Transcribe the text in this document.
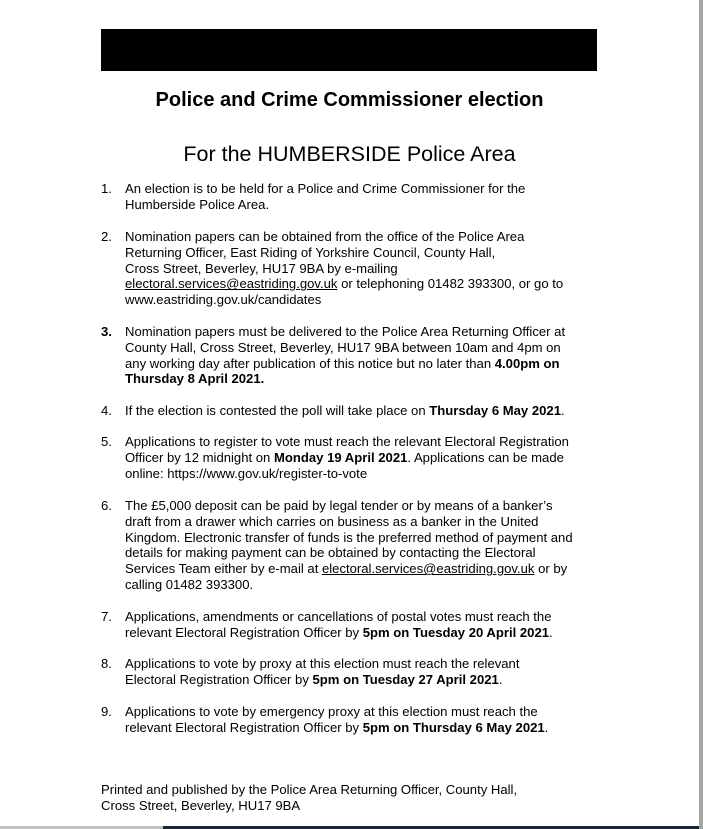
Police and Crime Commissioner election
For the HUMBERSIDE Police Area
1. An election is to be held for a Police and Crime Commissioner for the
Humberside Police Area.
2. Nomination papers can be obtained from the office of the Police Area
Returning Officer, East Riding of Yorkshire Council, County Hall,
Cross Street, Beverley, HU17 9BA by e-mailing
electoral.services@eastriding.gov.uk or telephoning 01482 393300, or go to
www.eastriding.gov.uk/candidates
3. Nomination papers must be delivered to the Police Area Returning Officer at
County Hall, Cross Street, Beverley, HU17 9BA between 10am and 4pm on
any working day after publication of this notice but no later than 4.00pm on
Thursday 8 April 2021.
4. If the election is contested the poll will take place on Thursday 6 May 2021.
5. Applications to register to vote must reach the relevant Electoral Registration
Officer by 12 midnight on Monday 19 April 2021. Applications can be made
online: https://www.gov.uk/register-to-vote
6. The £5,000 deposit can be paid by legal tender or by means of a banker’s
draft from a drawer which carries on business as a banker in the United
Kingdom. Electronic transfer of funds is the preferred method of payment and
details for making payment can be obtained by contacting the Electoral
Services Team either by e-mail at electoral.services@eastriding.gov.uk or by
calling 01482 393300.
7. Applications, amendments or cancellations of postal votes must reach the
relevant Electoral Registration Officer by 5pm on Tuesday 20 April 2021.
8. Applications to vote by proxy at this election must reach the relevant
Electoral Registration Officer by 5pm on Tuesday 27 April 2021.
9. Applications to vote by emergency proxy at this election must reach the
relevant Electoral Registration Officer by 5pm on Thursday 6 May 2021.
Printed and published by the Police Area Returning Officer, County Hall,
Cross Street, Beverley, HU17 9BA
